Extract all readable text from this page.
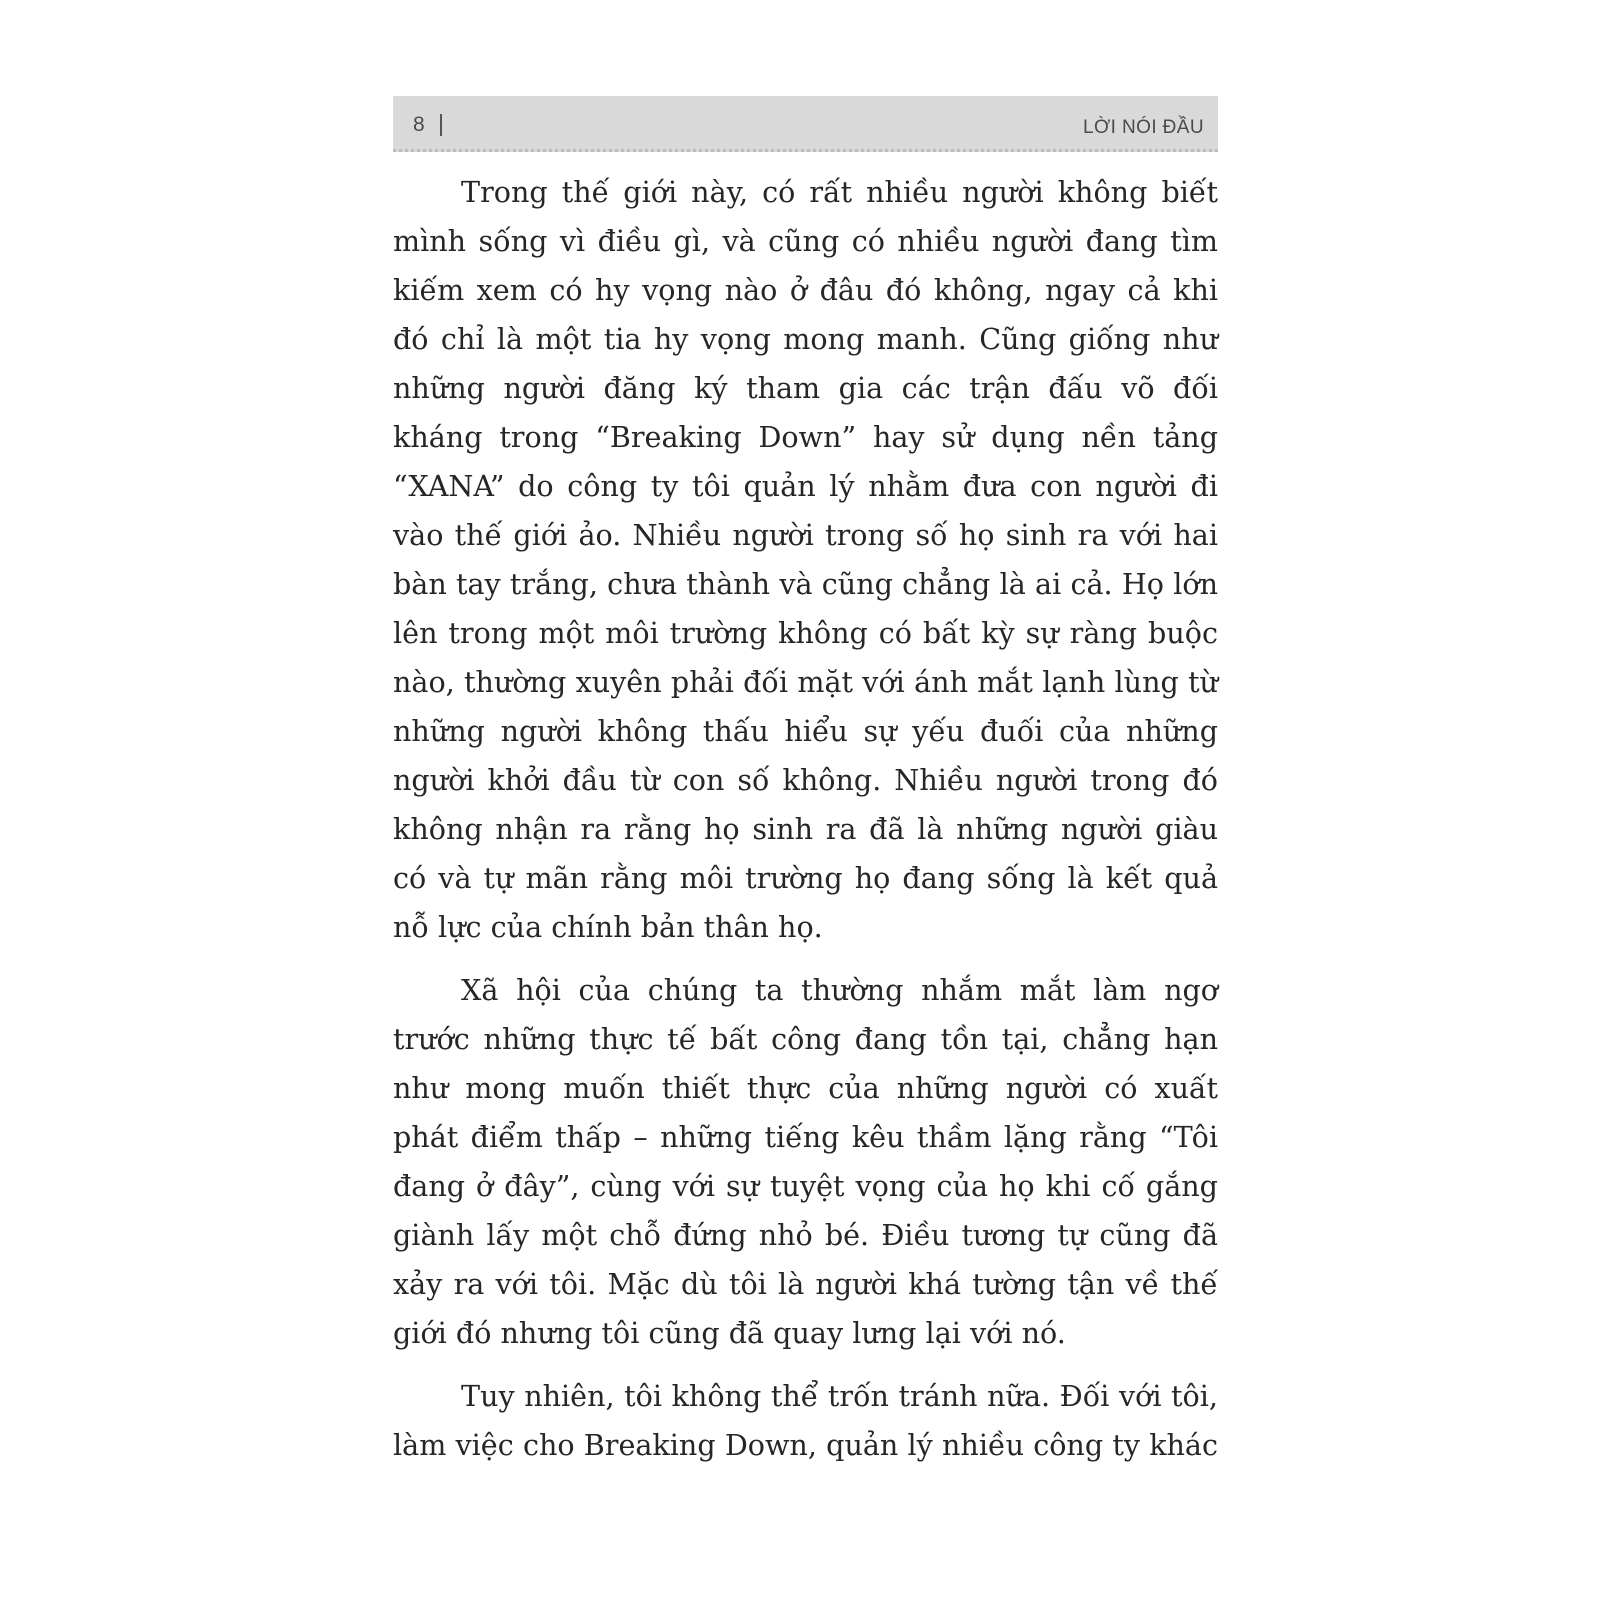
8	LỜI NÓI ĐẦU

Trong thế giới này, có rất nhiều người không biết mình sống vì điều gì, và cũng có nhiều người đang tìm kiếm xem có hy vọng nào ở đâu đó không, ngay cả khi đó chỉ là một tia hy vọng mong manh. Cũng giống như những người đăng ký tham gia các trận đấu võ đối kháng trong “Breaking Down” hay sử dụng nền tảng “XANA” do công ty tôi quản lý nhằm đưa con người đi vào thế giới ảo. Nhiều người trong số họ sinh ra với hai bàn tay trắng, chưa thành và cũng chẳng là ai cả. Họ lớn lên trong một môi trường không có bất kỳ sự ràng buộc nào, thường xuyên phải đối mặt với ánh mắt lạnh lùng từ những người không thấu hiểu sự yếu đuối của những người khởi đầu từ con số không. Nhiều người trong đó không nhận ra rằng họ sinh ra đã là những người giàu có và tự mãn rằng môi trường họ đang sống là kết quả nỗ lực của chính bản thân họ.

Xã hội của chúng ta thường nhắm mắt làm ngơ trước những thực tế bất công đang tồn tại, chẳng hạn như mong muốn thiết thực của những người có xuất phát điểm thấp – những tiếng kêu thầm lặng rằng “Tôi đang ở đây”, cùng với sự tuyệt vọng của họ khi cố gắng giành lấy một chỗ đứng nhỏ bé. Điều tương tự cũng đã xảy ra với tôi. Mặc dù tôi là người khá tường tận về thế giới đó nhưng tôi cũng đã quay lưng lại với nó.

Tuy nhiên, tôi không thể trốn tránh nữa. Đối với tôi, làm việc cho Breaking Down, quản lý nhiều công ty khác
